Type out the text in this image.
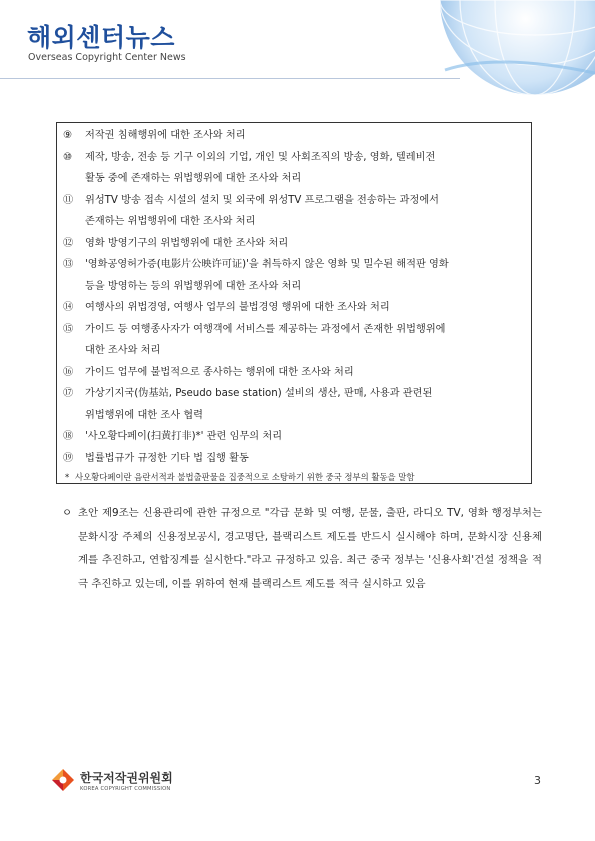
해외센터뉴스
Overseas Copyright Center News
⑨ 저작권 침해행위에 대한 조사와 처리
⑩ 제작, 방송, 전송 등 기구 이외의 기업, 개인 및 사회조직의 방송, 영화, 텔레비전
활동 중에 존재하는 위법행위에 대한 조사와 처리
⑪ 위성TV 방송 접속 시설의 설치 및 외국에 위성TV 프로그램을 전송하는 과정에서
존재하는 위법행위에 대한 조사와 처리
⑫ 영화 방영기구의 위법행위에 대한 조사와 처리
⑬ '영화공영허가증(电影片公映许可证)'을 취득하지 않은 영화 및 밀수된 해적판 영화
등을 방영하는 등의 위법행위에 대한 조사와 처리
⑭ 여행사의 위법경영, 여행사 업무의 불법경영 행위에 대한 조사와 처리
⑮ 가이드 등 여행종사자가 여행객에 서비스를 제공하는 과정에서 존재한 위법행위에
대한 조사와 처리
⑯ 가이드 업무에 불법적으로 종사하는 행위에 대한 조사와 처리
⑰ 가상기지국(伪基站, Pseudo base station) 설비의 생산, 판매, 사용과 관련된
위법행위에 대한 조사 협력
⑱ '사오황다페이(扫黄打非)*' 관련 임무의 처리
⑲ 법률법규가 규정한 기타 법 집행 활동
* 사오황다페이란 음란서적과 불법출판물을 집중적으로 소탕하기 위한 중국 정부의 활동을 말함
ㅇ 초안 제9조는 신용관리에 관한 규정으로 "각급 문화 및 여행, 문물, 출판, 라디오 TV, 영화 행정부처는 문화시장 주체의 신용정보공시, 경고명단, 블랙리스트 제도를 반드시 실시해야 하며, 문화시장 신용체계를 추진하고, 연합징계를 실시한다."라고 규정하고 있음. 최근 중국 정부는 '신용사회'건설 정책을 적극 추진하고 있는데, 이를 위하여 현재 블랙리스트 제도를 적극 실시하고 있음
한국저작권위원회
KOREA COPYRIGHT COMMISSION
3
